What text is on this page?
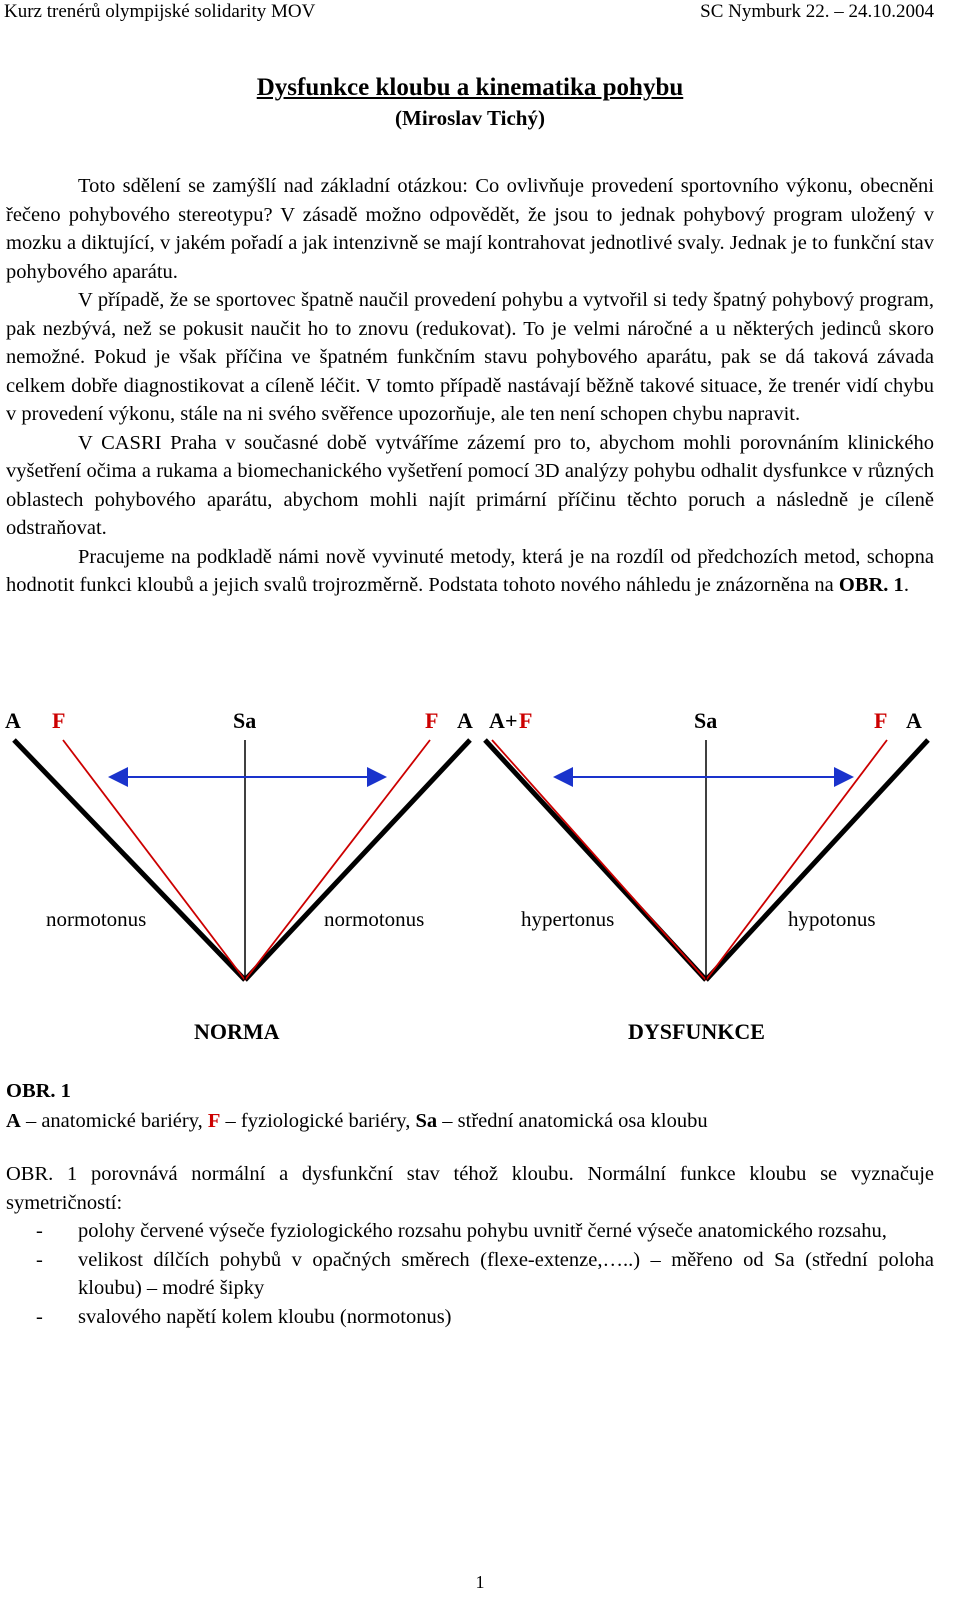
Kurz trenérů olympijské solidarity MOV	SC Nymburk 22. – 24.10.2004
Dysfunkce kloubu a kinematika pohybu
(Miroslav Tichý)

Toto sdělení se zamýšlí nad základní otázkou: Co ovlivňuje provedení sportovního výkonu, obecněni řečeno pohybového stereotypu? V zásadě možno odpovědět, že jsou to jednak pohybový program uložený v mozku a diktující, v jakém pořadí a jak intenzivně se mají kontrahovat jednotlivé svaly. Jednak je to funkční stav pohybového aparátu.

V případě, že se sportovec špatně naučil provedení pohybu a vytvořil si tedy špatný pohybový program, pak nezbývá, než se pokusit naučit ho to znovu (redukovat). To je velmi náročné a u některých jedinců skoro nemožné. Pokud je však příčina ve špatném funkčním stavu pohybového aparátu, pak se dá taková závada celkem dobře diagnostikovat a cíleně léčit. V tomto případě nastávají běžně takové situace, že trenér vidí chybu v provedení výkonu, stále na ni svého svěřence upozorňuje, ale ten není schopen chybu napravit.

V CASRI Praha v současné době vytváříme zázemí pro to, abychom mohli porovnáním klinického vyšetření očima a rukama a biomechanického vyšetření pomocí 3D analýzy pohybu odhalit dysfunkce v různých oblastech pohybového aparátu, abychom mohli najít primární příčinu těchto poruch a následně je cíleně odstraňovat.

Pracujeme na podkladě námi nově vyvinuté metody, která je na rozdíl od předchozích metod, schopna hodnotit funkci kloubů a jejich svalů trojrozměrně. Podstata tohoto nového náhledu je znázorněna na OBR. 1.

A F	Sa	F A
normotonus	normotonus
NORMA
A + F	Sa	F A
hypertonus	hypotonus
DYSFUNKCE
OBR. 1
A – anatomické bariéry, F – fyziologické bariéry, Sa – střední anatomická osa kloubu
OBR. 1 porovnává normální a dysfunkční stav téhož kloubu. Normální funkce kloubu se vyznačuje symetričností:
- polohy červené výseče fyziologického rozsahu pohybu uvnitř černé výseče anatomického rozsahu,
- velikost dílčích pohybů v opačných směrech (flexe-extenze,…..) – měřeno od Sa (střední poloha kloubu) – modré šipky
- svalového napětí kolem kloubu (normotonus)
1
